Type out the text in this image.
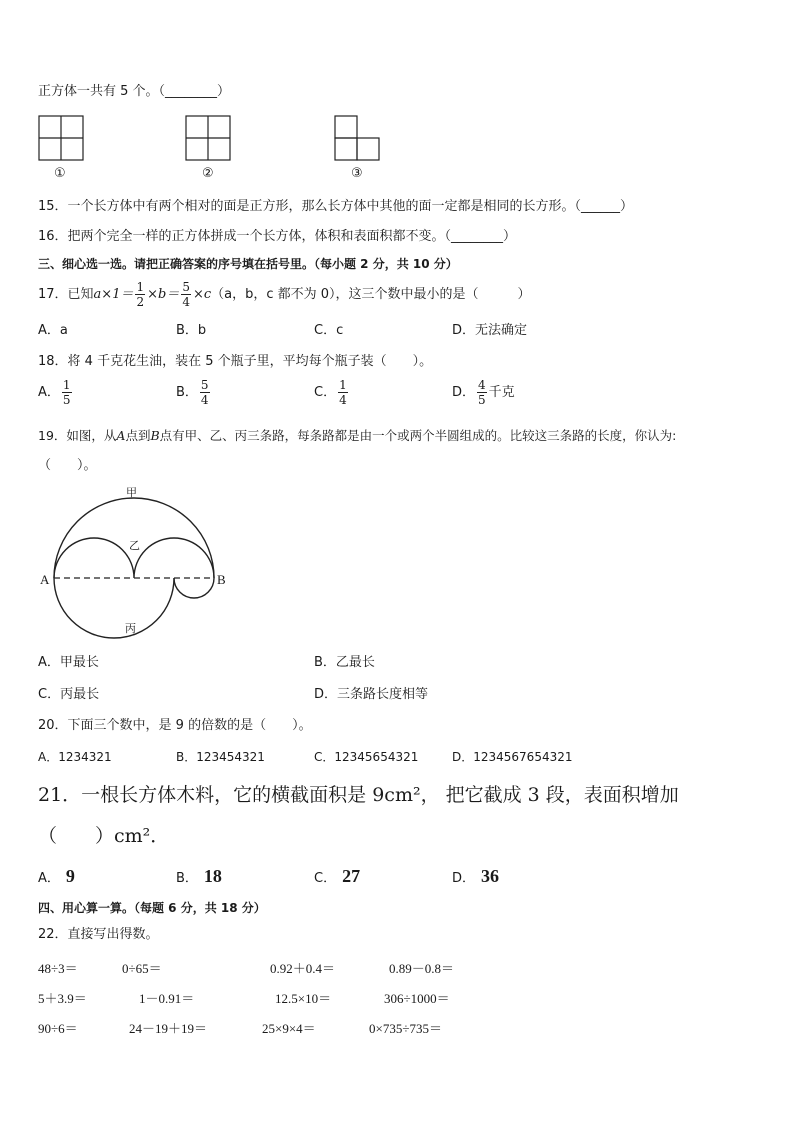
正方体一共有 5 个。（________）
①	②	③
15．一个长方体中有两个相对的面是正方形，那么长方体中其他的面一定都是相同的长方形。（______）
16．把两个完全一样的正方体拼成一个长方体，体积和表面积都不变。（________）
三、细心选一选。请把正确答案的序号填在括号里。（每小题 2 分，共 10 分）
17．已知$a\times 1= \frac{1}{2} \times b= \frac{5}{4} \times c(a$，b，c 都不为 0），这三个数中最小的是（　　　）
A．a	B．b	C．c	D．无法确定
18．将 4 千克花生油，装在 5 个瓶子里，平均每个瓶子装（　　）。
A． $\frac{1}{5}$	B． $\frac{5}{4}$	C． $\frac{1}{4}$	D． $\frac{4}{5}$ 千克
19．如图，从A点到B点有甲、乙、丙三条路，每条路都是由一个或两个半圆组成的。比较这三条路的长度，你认为:
（　　）。
甲
乙
丙
A	B
A．甲最长	B．乙最长
C．丙最长	D．三条路长度相等
20．下面三个数中，是 9 的倍数的是（　　）。
A．1234321	B．123454321	C．12345654321	D．1234567654321
21．一根长方体木料，它的横截面积是 9cm²， 把它截成 3 段，表面积增加
（　　）cm²．
A． 9	B． 18	C． 27	D． 36
四、用心算一算。（每题 6 分，共 18 分）
22．直接写出得数。
48÷3＝	0÷65＝	0.92＋0.4＝	0.89－0.8＝
5＋3.9＝	1－0.91＝	12.5×10＝	306÷1000＝
90÷6＝	24－19＋19＝	25×9×4＝	0×735÷735＝
